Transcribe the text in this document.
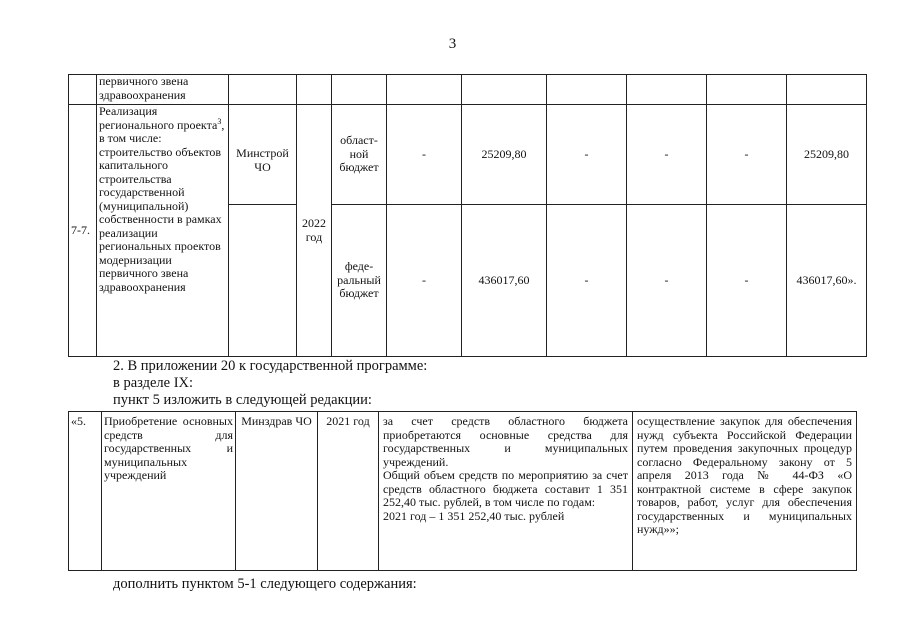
3
	первичного звена здравоохранения									
7-7.	Реализация регионального проекта$^3$, в том числе: строительство объектов капитального строительства государственной (муниципальной) собственности в рамках реализации региональных проектов модернизации первичного звена здравоохранения	Минстрой ЧО	2022 год	област-ной бюджет	-	25209,80	-	-	-	25209,80
				феде-ральный бюджет	-	436017,60	-	-	-	436017,60».
2. В приложении 20 к государственной программе:
в разделе IX:
пункт 5 изложить в следующей редакции:
«5.	Приобретение основных средств для государственных и муниципальных учреждений	Минздрав ЧО	2021 год	за счет средств областного бюджета приобретаются основные средства для государственных и муниципальных учреждений.
Общий объем средств по мероприятию за счет средств областного бюджета составит 1 351 252,40 тыс. рублей, в том числе по годам:
2021 год – 1 351 252,40 тыс. рублей
	осуществление закупок для обеспечения нужд субъекта Российской Федерации путем проведения закупочных процедур согласно Федеральному закону от 5 апреля 2013 года № 44-ФЗ «О контрактной системе в сфере закупок товаров, работ, услуг для обеспечения государственных и муниципальных нужд»»;
дополнить пунктом 5-1 следующего содержания:
